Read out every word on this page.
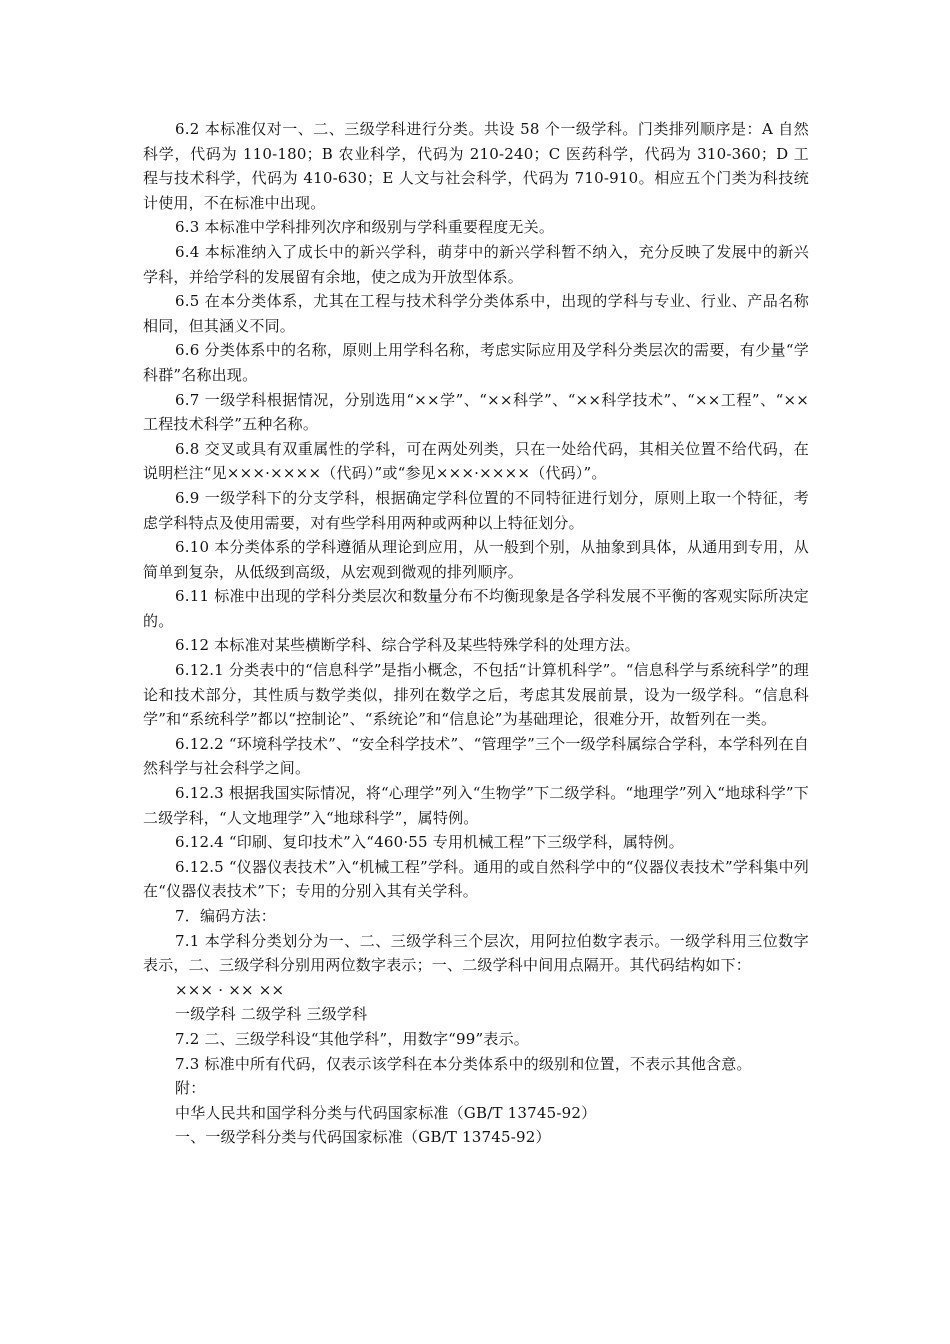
6.2 本标准仅对一、二、三级学科进行分类。共设 58 个一级学科。门类排列顺序是：A 自然科学，代码为 110-180；B 农业科学，代码为 210-240；C 医药科学，代码为 310-360；D 工程与技术科学，代码为 410-630；E 人文与社会科学，代码为 710-910。相应五个门类为科技统计使用，不在标准中出现。

6.3 本标准中学科排列次序和级别与学科重要程度无关。

6.4 本标准纳入了成长中的新兴学科，萌芽中的新兴学科暂不纳入，充分反映了发展中的新兴学科，并给学科的发展留有余地，使之成为开放型体系。

6.5 在本分类体系，尤其在工程与技术科学分类体系中，出现的学科与专业、行业、产品名称相同，但其涵义不同。

6.6 分类体系中的名称，原则上用学科名称，考虑实际应用及学科分类层次的需要，有少量“学科群”名称出现。

6.7 一级学科根据情况，分别选用“××学”、“××科学”、“××科学技术”、“××工程”、“××工程技术科学”五种名称。

6.8 交叉或具有双重属性的学科，可在两处列类，只在一处给代码，其相关位置不给代码，在说明栏注“见×××·××××（代码）”或“参见×××·××××（代码）”。

6.9 一级学科下的分支学科，根据确定学科位置的不同特征进行划分，原则上取一个特征，考虑学科特点及使用需要，对有些学科用两种或两种以上特征划分。

6.10 本分类体系的学科遵循从理论到应用，从一般到个别，从抽象到具体，从通用到专用，从简单到复杂，从低级到高级，从宏观到微观的排列顺序。

6.11 标准中出现的学科分类层次和数量分布不均衡现象是各学科发展不平衡的客观实际所决定的。

6.12 本标准对某些横断学科、综合学科及某些特殊学科的处理方法。

6.12.1 分类表中的“信息科学”是指小概念，不包括“计算机科学”。“信息科学与系统科学”的理论和技术部分，其性质与数学类似，排列在数学之后，考虑其发展前景，设为一级学科。“信息科学”和“系统科学”都以“控制论”、“系统论”和“信息论”为基础理论，很难分开，故暂列在一类。

6.12.2 “环境科学技术”、“安全科学技术”、“管理学”三个一级学科属综合学科，本学科列在自然科学与社会科学之间。

6.12.3 根据我国实际情况，将“心理学”列入“生物学”下二级学科。“地理学”列入“地球科学”下二级学科，“人文地理学”入“地球科学”，属特例。

6.12.4 “印刷、复印技术”入“460·55 专用机械工程”下三级学科，属特例。

6.12.5 “仪器仪表技术”入“机械工程”学科。通用的或自然科学中的“仪器仪表技术”学科集中列在“仪器仪表技术”下；专用的分别入其有关学科。

7．编码方法：

7.1 本学科分类划分为一、二、三级学科三个层次，用阿拉伯数字表示。一级学科用三位数字表示，二、三级学科分别用两位数字表示；一、二级学科中间用点隔开。其代码结构如下：

××× · ×× ××

一级学科 二级学科 三级学科

7.2 二、三级学科设“其他学科”，用数字“99”表示。

7.3 标准中所有代码，仅表示该学科在本分类体系中的级别和位置，不表示其他含意。

附：

中华人民共和国学科分类与代码国家标准（GB/T 13745-92）

一、一级学科分类与代码国家标准（GB/T 13745-92）
